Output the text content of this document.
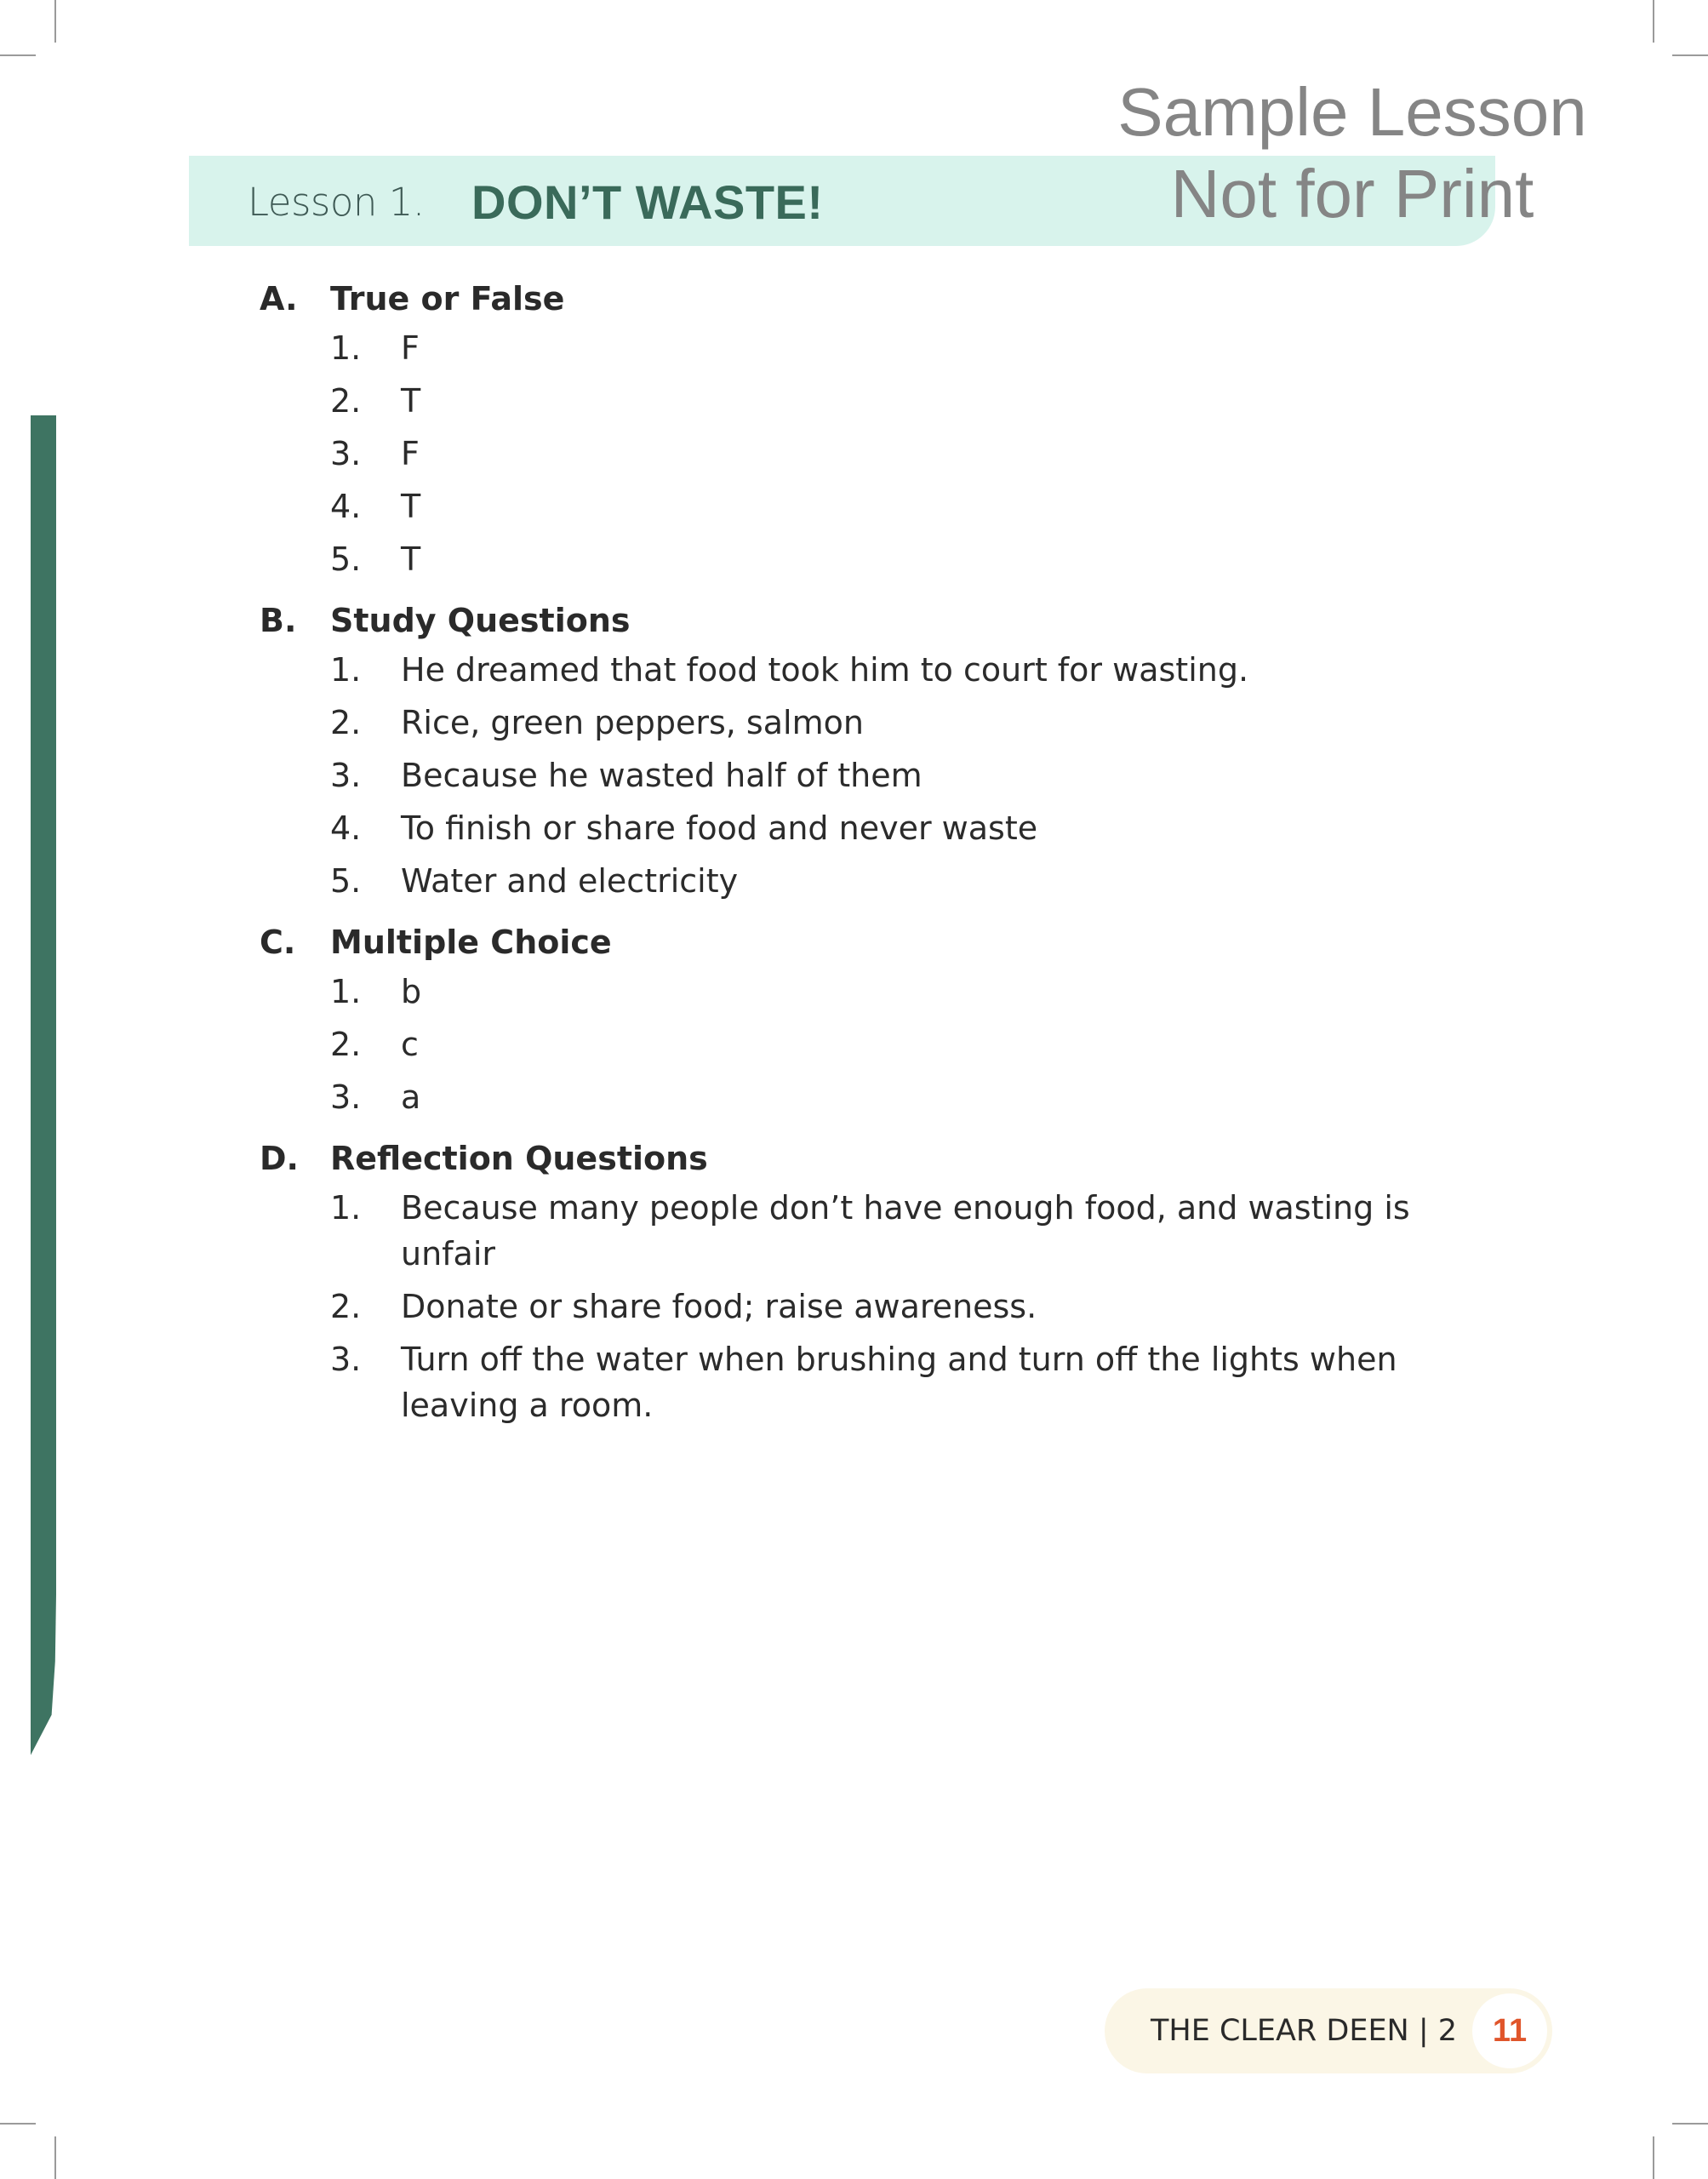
Lesson 1. DON’T WASTE!
Sample Lesson
Not for Print
A.	True or False
1.	F
2.	T
3.	F
4.	T
5.	T
B.	Study Questions
1.	He dreamed that food took him to court for wasting.
2.	Rice, green peppers, salmon
3.	Because he wasted half of them
4.	To finish or share food and never waste
5.	Water and electricity
C.	Multiple Choice
1.	b
2.	c
3.	a
D. Reflection Questions
1.	Because many people don’t have enough food, and wasting is unfair
2.	Donate or share food; raise awareness.
3.	Turn off the water when brushing and turn off the lights when leaving a room.
THE CLEAR DEEN | 2	11
